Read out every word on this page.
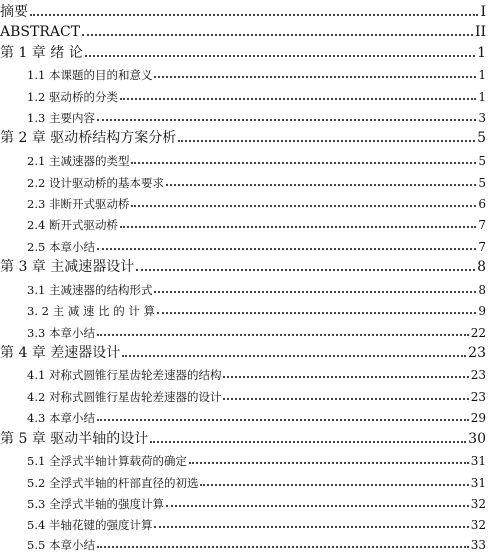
摘要	I
ABSTRACT	II
第 1 章 绪 论	1
1.1 本课题的目的和意义	1
1.2 驱动桥的分类	1
1.3 主要内容	3
第 2 章 驱动桥结构方案分析	5
2.1 主减速器的类型	5
2.2 设计驱动桥的基本要求	5
2.3 非断开式驱动桥	6
2.4 断开式驱动桥	7
2.5 本章小结	7
第 3 章 主减速器设计	8
3.1 主减速器的结构形式	8
3. 2 主 减 速 比 的 计 算	9
3.3 本章小结	22
第 4 章 差速器设计	23
4.1 对称式圆锥行星齿轮差速器的结构	23
4.2 对称式圆锥行星齿轮差速器的设计	23
4.3 本章小结	29
第 5 章 驱动半轴的设计	30
5.1 全浮式半轴计算载荷的确定	31
5.2 全浮式半轴的杆部直径的初选	31
5.3 全浮式半轴的强度计算	32
5.4 半轴花键的强度计算	32
5.5 本章小结	33
